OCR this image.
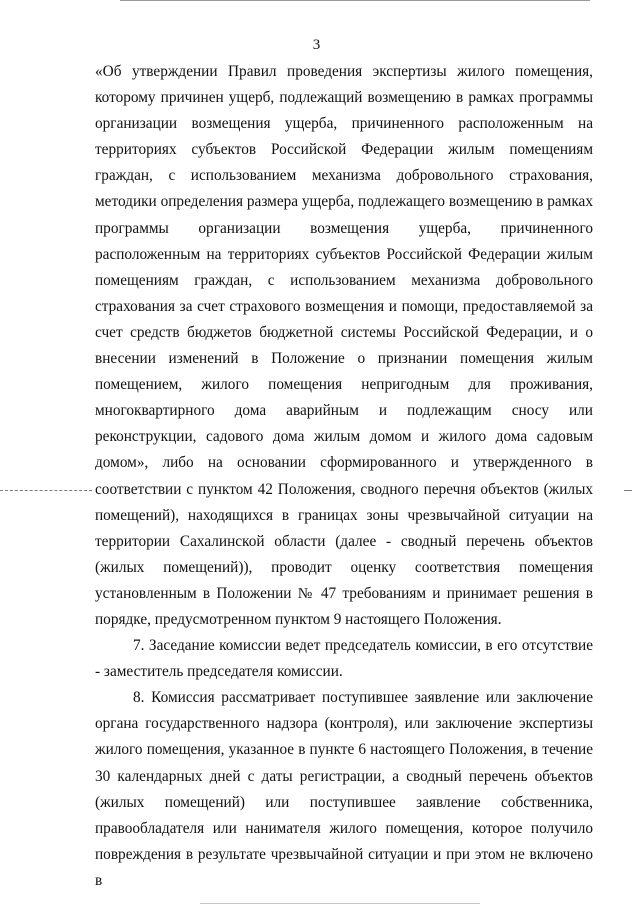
3

«Об утверждении Правил проведения экспертизы жилого помещения, которому причинен ущерб, подлежащий возмещению в рамках программы организации возмещения ущерба, причиненного расположенным на территориях субъектов Российской Федерации жилым помещениям граждан, с использованием механизма добровольного страхования, методики определения размера ущерба, подлежащего возмещению в рамках программы организации возмещения ущерба, причиненного расположенным на территориях субъектов Российской Федерации жилым помещениям граждан, с использованием механизма добровольного страхования за счет страхового возмещения и помощи, предоставляемой за счет средств бюджетов бюджетной системы Российской Федерации, и о внесении изменений в Положение о признании помещения жилым помещением, жилого помещения непригодным для проживания, многоквартирного дома аварийным и подлежащим сносу или реконструкции, садового дома жилым домом и жилого дома садовым домом», либо на основании сформированного и утвержденного в соответствии с пунктом 42 Положения, сводного перечня объектов (жилых помещений), находящихся в границах зоны чрезвычайной ситуации на территории Сахалинской области (далее - сводный перечень объектов (жилых помещений)), проводит оценку соответствия помещения установленным в Положении № 47 требованиям и принимает решения в порядке, предусмотренном пунктом 9 настоящего Положения.

7. Заседание комиссии ведет председатель комиссии, в его отсутствие - заместитель председателя комиссии.

8. Комиссия рассматривает поступившее заявление или заключение органа государственного надзора (контроля), или заключение экспертизы жилого помещения, указанное в пункте 6 настоящего Положения, в течение 30 календарных дней с даты регистрации, а сводный перечень объектов (жилых помещений) или поступившее заявление собственника, правообладателя или нанимателя жилого помещения, которое получило повреждения в результате чрезвычайной ситуации и при этом не включено в
